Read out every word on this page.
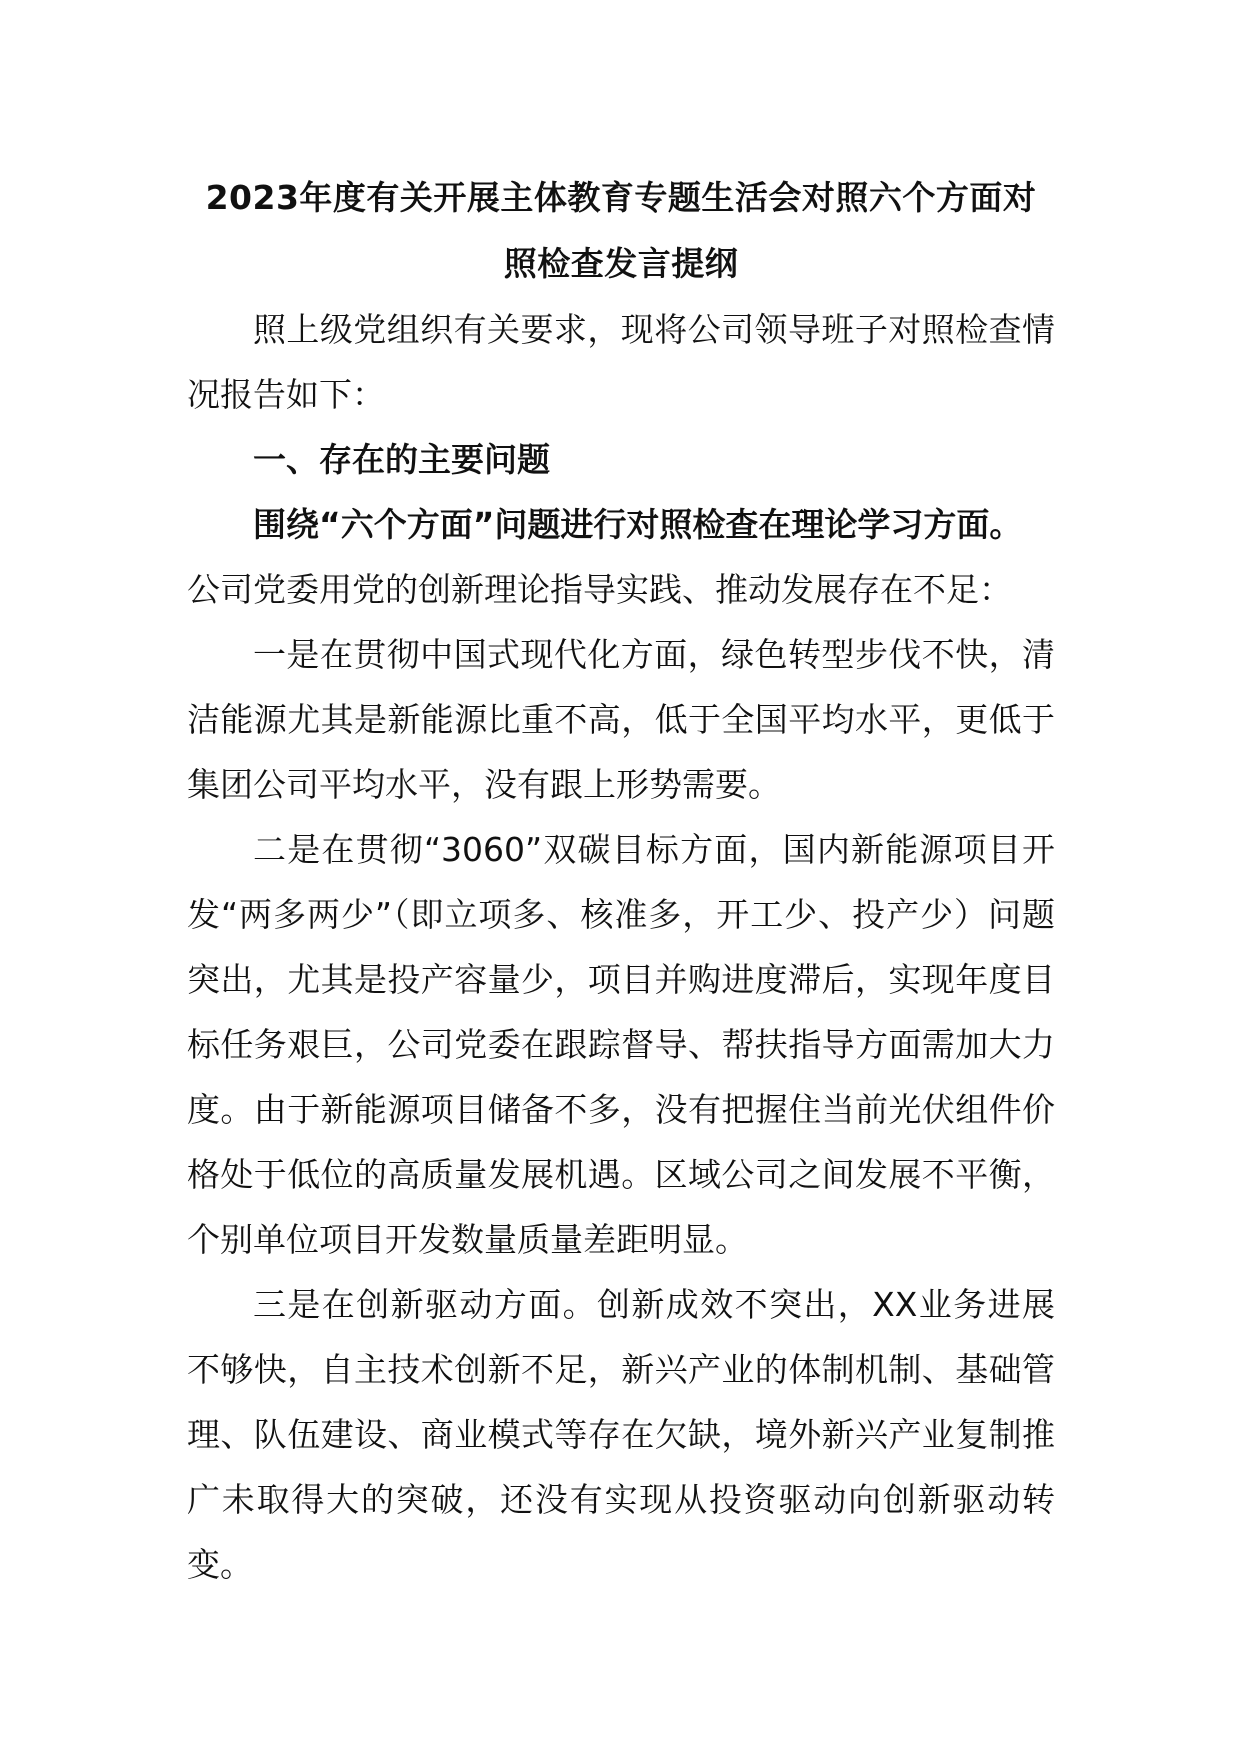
2023年度有关开展主体教育专题生活会对照六个方面对

照检查发言提纲

照上级党组织有关要求，现将公司领导班子对照检查情况报告如下：

一、存在的主要问题

围绕“六个方面”问题进行对照检查在理论学习方面。

公司党委用党的创新理论指导实践、推动发展存在不足：

一是在贯彻中国式现代化方面，绿色转型步伐不快，清洁能源尤其是新能源比重不高，低于全国平均水平，更低于集团公司平均水平，没有跟上形势需要。

二是在贯彻“3060”双碳目标方面，国内新能源项目开发“两多两少”（即立项多、核准多，开工少、投产少）问题突出，尤其是投产容量少，项目并购进度滞后，实现年度目标任务艰巨，公司党委在跟踪督导、帮扶指导方面需加大力度。由于新能源项目储备不多，没有把握住当前光伏组件价格处于低位的高质量发展机遇。区域公司之间发展不平衡，个别单位项目开发数量质量差距明显。

三是在创新驱动方面。创新成效不突出，XX业务进展不够快，自主技术创新不足，新兴产业的体制机制、基础管理、队伍建设、商业模式等存在欠缺，境外新兴产业复制推广未取得大的突破，还没有实现从投资驱动向创新驱动转变。
